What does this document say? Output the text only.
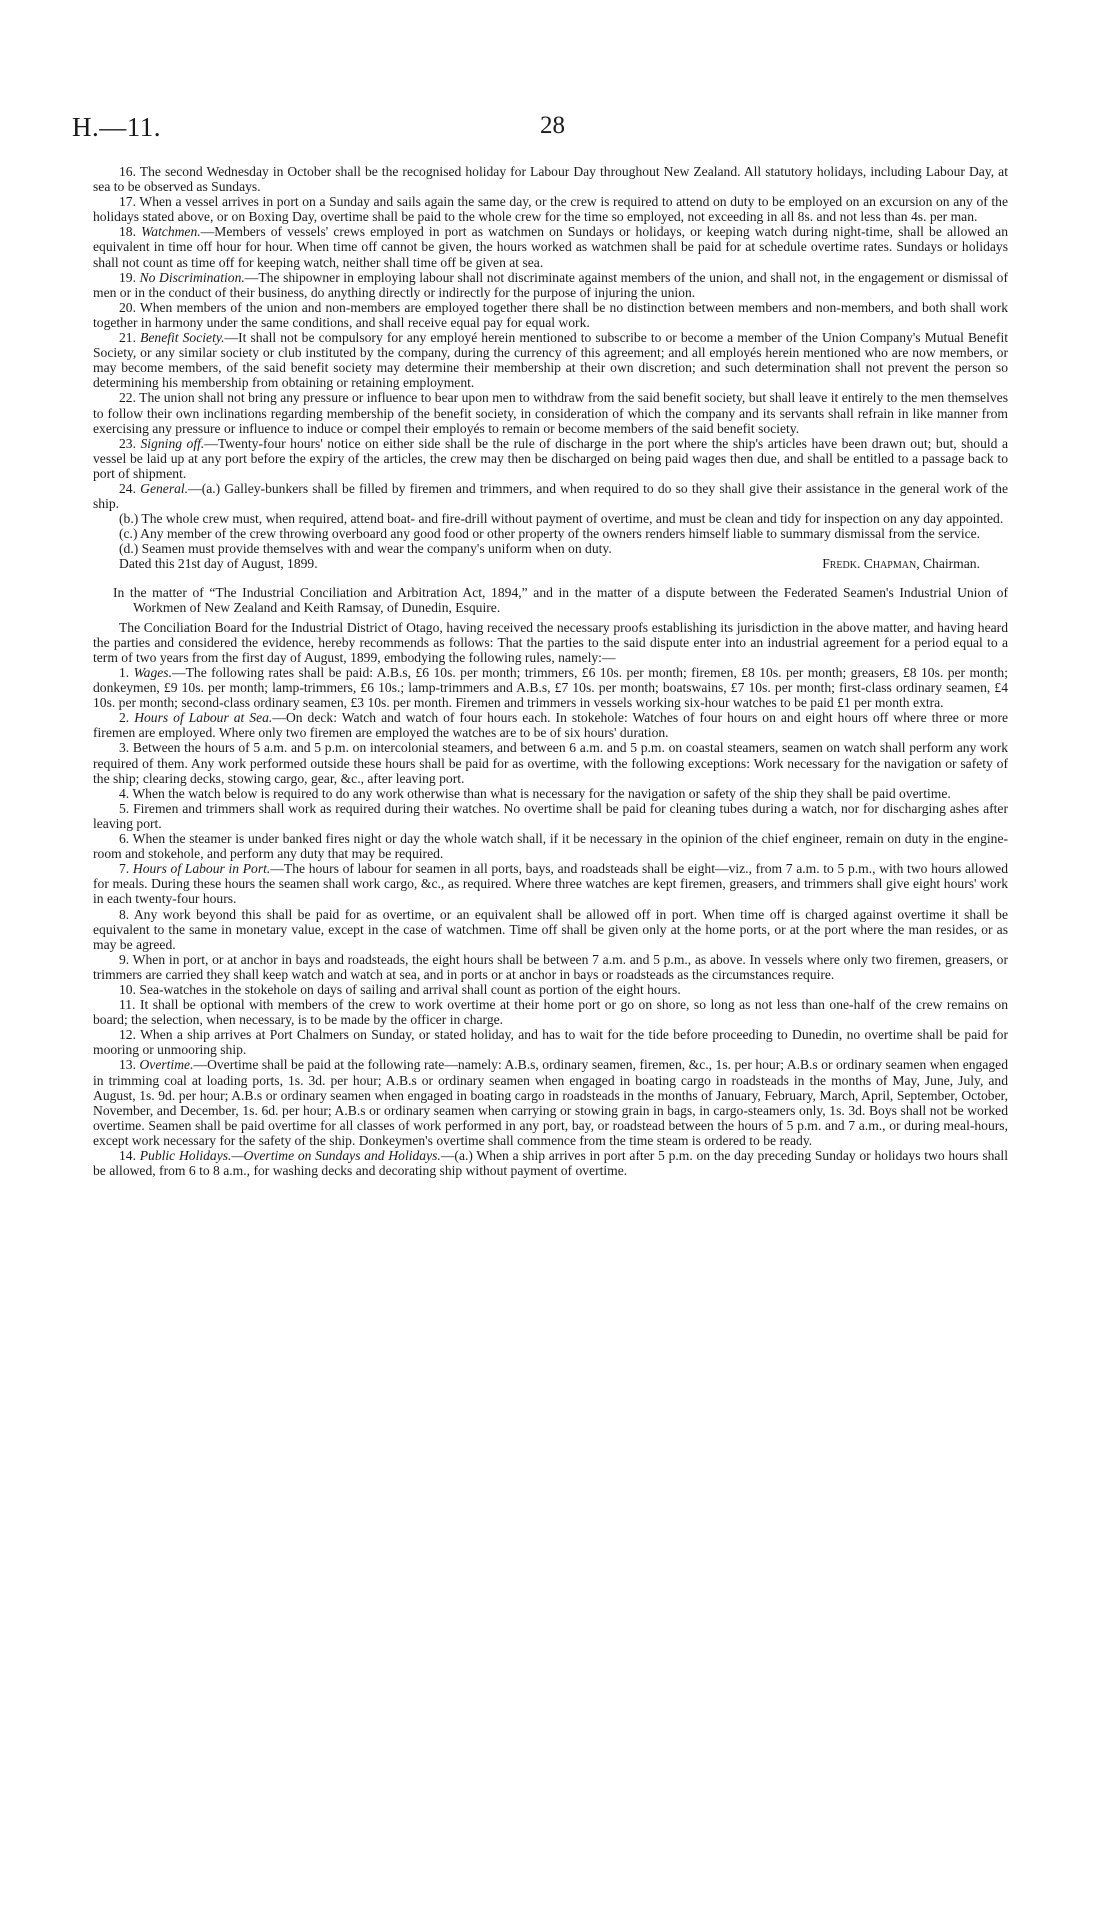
H.—11.	28

16. The second Wednesday in October shall be the recognised holiday for Labour Day throughout New Zealand. All statutory holidays, including Labour Day, at sea to be observed as Sundays.

17. When a vessel arrives in port on a Sunday and sails again the same day, or the crew is required to attend on duty to be employed on an excursion on any of the holidays stated above, or on Boxing Day, overtime shall be paid to the whole crew for the time so employed, not exceeding in all 8s. and not less than 4s. per man.

18. Watchmen.—Members of vessels' crews employed in port as watchmen on Sundays or holidays, or keeping watch during night-time, shall be allowed an equivalent in time off hour for hour. When time off cannot be given, the hours worked as watchmen shall be paid for at schedule overtime rates. Sundays or holidays shall not count as time off for keeping watch, neither shall time off be given at sea.

19. No Discrimination.—The shipowner in employing labour shall not discriminate against members of the union, and shall not, in the engagement or dismissal of men or in the conduct of their business, do anything directly or indirectly for the purpose of injuring the union.

20. When members of the union and non-members are employed together there shall be no distinction between members and non-members, and both shall work together in harmony under the same conditions, and shall receive equal pay for equal work.

21. Benefit Society.—It shall not be compulsory for any employé herein mentioned to subscribe to or become a member of the Union Company's Mutual Benefit Society, or any similar society or club instituted by the company, during the currency of this agreement; and all employés herein mentioned who are now members, or may become members, of the said benefit society may determine their membership at their own discretion; and such determination shall not prevent the person so determining his membership from obtaining or retaining employment.

22. The union shall not bring any pressure or influence to bear upon men to withdraw from the said benefit society, but shall leave it entirely to the men themselves to follow their own inclinations regarding membership of the benefit society, in consideration of which the company and its servants shall refrain in like manner from exercising any pressure or influence to induce or compel their employés to remain or become members of the said benefit society.

23. Signing off.—Twenty-four hours' notice on either side shall be the rule of discharge in the port where the ship's articles have been drawn out; but, should a vessel be laid up at any port before the expiry of the articles, the crew may then be discharged on being paid wages then due, and shall be entitled to a passage back to port of shipment.

24. General.—(a.) Galley-bunkers shall be filled by firemen and trimmers, and when required to do so they shall give their assistance in the general work of the ship.

(b.) The whole crew must, when required, attend boat- and fire-drill without payment of overtime, and must be clean and tidy for inspection on any day appointed.

(c.) Any member of the crew throwing overboard any good food or other property of the owners renders himself liable to summary dismissal from the service.

(d.) Seamen must provide themselves with and wear the company's uniform when on duty.

Dated this 21st day of August, 1899.	Fredk. Chapman, Chairman.

In the matter of “The Industrial Conciliation and Arbitration Act, 1894,” and in the matter of a dispute between the Federated Seamen's Industrial Union of Workmen of New Zealand and Keith Ramsay, of Dunedin, Esquire.

The Conciliation Board for the Industrial District of Otago, having received the necessary proofs establishing its jurisdiction in the above matter, and having heard the parties and considered the evidence, hereby recommends as follows: That the parties to the said dispute enter into an industrial agreement for a period equal to a term of two years from the first day of August, 1899, embodying the following rules, namely:—

1. Wages.—The following rates shall be paid: A.B.s, £6 10s. per month; trimmers, £6 10s. per month; firemen, £8 10s. per month; greasers, £8 10s. per month; donkeymen, £9 10s. per month; lamp-trimmers, £6 10s.; lamp-trimmers and A.B.s, £7 10s. per month; boatswains, £7 10s. per month; first-class ordinary seamen, £4 10s. per month; second-class ordinary seamen, £3 10s. per month. Firemen and trimmers in vessels working six-hour watches to be paid £1 per month extra.

2. Hours of Labour at Sea.—On deck: Watch and watch of four hours each. In stokehole: Watches of four hours on and eight hours off where three or more firemen are employed. Where only two firemen are employed the watches are to be of six hours' duration.

3. Between the hours of 5 a.m. and 5 p.m. on intercolonial steamers, and between 6 a.m. and 5 p.m. on coastal steamers, seamen on watch shall perform any work required of them. Any work performed outside these hours shall be paid for as overtime, with the following exceptions: Work necessary for the navigation or safety of the ship; clearing decks, stowing cargo, gear, &c., after leaving port.

4. When the watch below is required to do any work otherwise than what is necessary for the navigation or safety of the ship they shall be paid overtime.

5. Firemen and trimmers shall work as required during their watches. No overtime shall be paid for cleaning tubes during a watch, nor for discharging ashes after leaving port.

6. When the steamer is under banked fires night or day the whole watch shall, if it be necessary in the opinion of the chief engineer, remain on duty in the engine-room and stokehole, and perform any duty that may be required.

7. Hours of Labour in Port.—The hours of labour for seamen in all ports, bays, and roadsteads shall be eight—viz., from 7 a.m. to 5 p.m., with two hours allowed for meals. During these hours the seamen shall work cargo, &c., as required. Where three watches are kept firemen, greasers, and trimmers shall give eight hours' work in each twenty-four hours.

8. Any work beyond this shall be paid for as overtime, or an equivalent shall be allowed off in port. When time off is charged against overtime it shall be equivalent to the same in monetary value, except in the case of watchmen. Time off shall be given only at the home ports, or at the port where the man resides, or as may be agreed.

9. When in port, or at anchor in bays and roadsteads, the eight hours shall be between 7 a.m. and 5 p.m., as above. In vessels where only two firemen, greasers, or trimmers are carried they shall keep watch and watch at sea, and in ports or at anchor in bays or roadsteads as the circumstances require.

10. Sea-watches in the stokehole on days of sailing and arrival shall count as portion of the eight hours.

11. It shall be optional with members of the crew to work overtime at their home port or go on shore, so long as not less than one-half of the crew remains on board; the selection, when necessary, is to be made by the officer in charge.

12. When a ship arrives at Port Chalmers on Sunday, or stated holiday, and has to wait for the tide before proceeding to Dunedin, no overtime shall be paid for mooring or unmooring ship.

13. Overtime.—Overtime shall be paid at the following rate—namely: A.B.s, ordinary seamen, firemen, &c., 1s. per hour; A.B.s or ordinary seamen when engaged in trimming coal at loading ports, 1s. 3d. per hour; A.B.s or ordinary seamen when engaged in boating cargo in roadsteads in the months of May, June, July, and August, 1s. 9d. per hour; A.B.s or ordinary seamen when engaged in boating cargo in roadsteads in the months of January, February, March, April, September, October, November, and December, 1s. 6d. per hour; A.B.s or ordinary seamen when carrying or stowing grain in bags, in cargo-steamers only, 1s. 3d. Boys shall not be worked overtime. Seamen shall be paid overtime for all classes of work performed in any port, bay, or roadstead between the hours of 5 p.m. and 7 a.m., or during meal-hours, except work necessary for the safety of the ship. Donkeymen's overtime shall commence from the time steam is ordered to be ready.

14. Public Holidays.—Overtime on Sundays and Holidays.—(a.) When a ship arrives in port after 5 p.m. on the day preceding Sunday or holidays two hours shall be allowed, from 6 to 8 a.m., for washing decks and decorating ship without payment of overtime.
